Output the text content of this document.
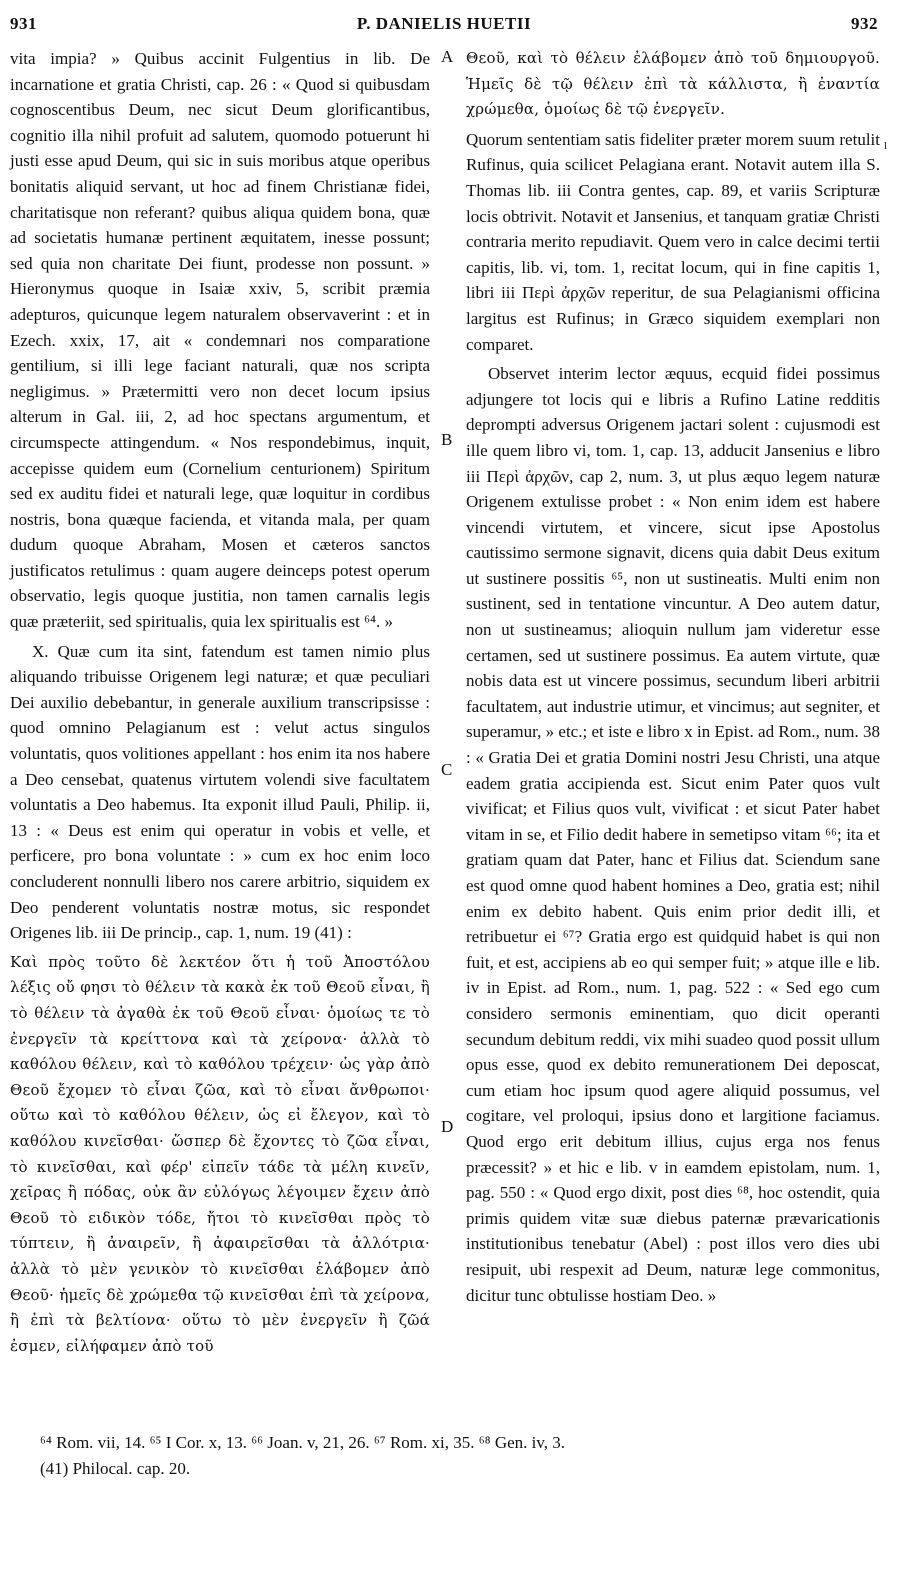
931	P. DANIELIS HUETII	932

vita impia? » Quibus accinit Fulgentius in lib. De incarnatione et gratia Christi, cap. 26 : « Quod si quibusdam cognoscentibus Deum, nec sicut Deum glorificantibus, cognitio illa nihil profuit ad salutem, quomodo potuerunt hi justi esse apud Deum, qui sic in suis moribus atque operibus bonitatis aliquid servant, ut hoc ad finem Christianæ fidei, charitatisque non referant? quibus aliqua quidem bona, quæ ad societatis humanæ pertinent æquitatem, inesse possunt; sed quia non charitate Dei fiunt, prodesse non possunt. » Hieronymus quoque in Isaiæ xxiv, 5, scribit præmia adepturos, quicunque legem naturalem observaverint : et in Ezech. xxix, 17, ait « condemnari nos comparatione gentilium, si illi lege faciant naturali, quæ nos scripta negligimus. » Prætermitti vero non decet locum ipsius alterum in Gal. iii, 2, ad hoc spectans argumentum, et circumspecte attingendum. « Nos respondebimus, inquit, accepisse quidem eum (Cornelium centurionem) Spiritum sed ex auditu fidei et naturali lege, quæ loquitur in cordibus nostris, bona quæque facienda, et vitanda mala, per quam dudum quoque Abraham, Mosen et cæteros sanctos justificatos retulimus : quam augere deinceps potest operum observatio, legis quoque justitia, non tamen carnalis legis quæ præteriit, sed spiritualis, quia lex spiritualis est ⁶⁴. »

X. Quæ cum ita sint, fatendum est tamen nimio plus aliquando tribuisse Origenem legi naturæ; et quæ peculiari Dei auxilio debebantur, in generale auxilium transcripsisse : quod omnino Pelagianum est : velut actus singulos voluntatis, quos volitiones appellant : hos enim ita nos habere a Deo censebat, quatenus virtutem volendi sive facultatem voluntatis a Deo habemus. Ita exponit illud Pauli, Philip. ii, 13 : « Deus est enim qui operatur in vobis et velle, et perficere, pro bona voluntate : » cum ex hoc enim loco concluderent nonnulli libero nos carere arbitrio, siquidem ex Deo penderent voluntatis nostræ motus, sic respondet Origenes lib. iii De princip., cap. 1, num. 19 (41) :

Καὶ πρὸς τοῦτο δὲ λεκτέον ὅτι ἡ τοῦ Ἀποστόλου λέξις οὔ φησι τὸ θέλειν τὰ κακὰ ἐκ τοῦ Θεοῦ εἶναι, ἢ τὸ θέλειν τὰ ἀγαθὰ ἐκ τοῦ Θεοῦ εἶναι· ὁμοίως τε τὸ ἐνεργεῖν τὰ κρείττονα καὶ τὰ χείρονα· ἀλλὰ τὸ καθόλου θέλειν, καὶ τὸ καθόλου τρέχειν· ὡς γὰρ ἀπὸ Θεοῦ ἔχομεν τὸ εἶναι ζῶα, καὶ τὸ εἶναι ἄνθρωποι· οὕτω καὶ τὸ καθόλου θέλειν, ὡς εἰ ἔλεγον, καὶ τὸ καθόλου κινεῖσθαι· ὥσπερ δὲ ἔχοντες τὸ ζῶα εἶναι, τὸ κινεῖσθαι, καὶ φέρ' εἰπεῖν τάδε τὰ μέλη κινεῖν, χεῖρας ἢ πόδας, οὐκ ἂν εὐλόγως λέγοιμεν ἔχειν ἀπὸ Θεοῦ τὸ ειδικὸν τόδε, ἤτοι τὸ κινεῖσθαι πρὸς τὸ τύπτειν, ἢ ἀναιρεῖν, ἢ ἀφαιρεῖσθαι τὰ ἀλλότρια· ἀλλὰ τὸ μὲν γενικὸν τὸ κινεῖσθαι ἐλάβομεν ἀπὸ Θεοῦ· ἡμεῖς δὲ χρώμεθα τῷ κινεῖσθαι ἐπὶ τὰ χείρονα, ἢ ἐπὶ τὰ βελτίονα· οὕτω τὸ μὲν ἐνεργεῖν ἢ ζῶά ἐσμεν, εἰλήφαμεν ἀπὸ τοῦ

A
B
C
D
l

Θεοῦ, καὶ τὸ θέλειν ἐλάβομεν ἀπὸ τοῦ δημιουργοῦ. Ἡμεῖς δὲ τῷ θέλειν ἐπὶ τὰ κάλλιστα, ἢ ἐναντία χρώμεθα, ὁμοίως δὲ τῷ ἐνεργεῖν.

Quorum sententiam satis fideliter præter morem suum retulit Rufinus, quia scilicet Pelagiana erant. Notavit autem illa S. Thomas lib. iii Contra gentes, cap. 89, et variis Scripturæ locis obtrivit. Notavit et Jansenius, et tanquam gratiæ Christi contraria merito repudiavit. Quem vero in calce decimi tertii capitis, lib. vi, tom. 1, recitat locum, qui in fine capitis 1, libri iii Περὶ ἀρχῶν reperitur, de sua Pelagianismi officina largitus est Rufinus; in Græco siquidem exemplari non comparet.

Observet interim lector æquus, ecquid fidei possimus adjungere tot locis qui e libris a Rufino Latine redditis deprompti adversus Origenem jactari solent : cujusmodi est ille quem libro vi, tom. 1, cap. 13, adducit Jansenius e libro iii Περὶ ἀρχῶν, cap 2, num. 3, ut plus æquo legem naturæ Origenem extulisse probet : « Non enim idem est habere vincendi virtutem, et vincere, sicut ipse Apostolus cautissimo sermone signavit, dicens quia dabit Deus exitum ut sustinere possitis ⁶⁵, non ut sustineatis. Multi enim non sustinent, sed in tentatione vincuntur. A Deo autem datur, non ut sustineamus; alioquin nullum jam videretur esse certamen, sed ut sustinere possimus. Ea autem virtute, quæ nobis data est ut vincere possimus, secundum liberi arbitrii facultatem, aut industrie utimur, et vincimus; aut segniter, et superamur, » etc.; et iste e libro x in Epist. ad Rom., num. 38 : « Gratia Dei et gratia Domini nostri Jesu Christi, una atque eadem gratia accipienda est. Sicut enim Pater quos vult vivificat; et Filius quos vult, vivificat : et sicut Pater habet vitam in se, et Filio dedit habere in semetipso vitam ⁶⁶; ita et gratiam quam dat Pater, hanc et Filius dat. Sciendum sane est quod omne quod habent homines a Deo, gratia est; nihil enim ex debito habent. Quis enim prior dedit illi, et retribuetur ei ⁶⁷? Gratia ergo est quidquid habet is qui non fuit, et est, accipiens ab eo qui semper fuit; » atque ille e lib. iv in Epist. ad Rom., num. 1, pag. 522 : « Sed ego cum considero sermonis eminentiam, quo dicit operanti secundum debitum reddi, vix mihi suadeo quod possit ullum opus esse, quod ex debito remunerationem Dei deposcat, cum etiam hoc ipsum quod agere aliquid possumus, vel cogitare, vel proloqui, ipsius dono et largitione faciamus. Quod ergo erit debitum illius, cujus erga nos fenus præcessit? » et hic e lib. v in eamdem epistolam, num. 1, pag. 550 : « Quod ergo dixit, post dies ⁶⁸, hoc ostendit, quia primis quidem vitæ suæ diebus paternæ prævaricationis institutionibus tenebatur (Abel) : post illos vero dies ubi resipuit, ubi respexit ad Deum, naturæ lege commonitus, dicitur tunc obtulisse hostiam Deo. »

⁶⁴ Rom. vii, 14. ⁶⁵ I Cor. x, 13. ⁶⁶ Joan. v, 21, 26. ⁶⁷ Rom. xi, 35. ⁶⁸ Gen. iv, 3.
(41) Philocal. cap. 20.
